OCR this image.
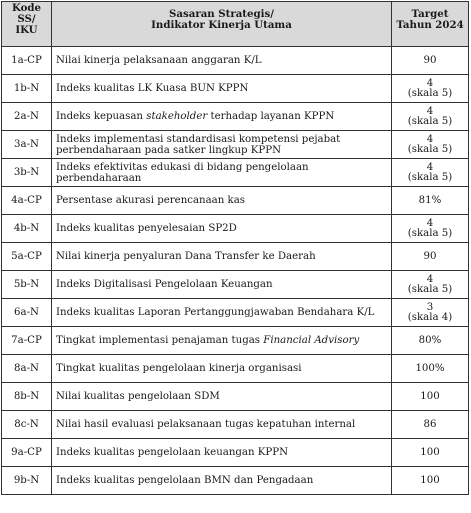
Kode
SS/
IKU	Sasaran Strategis/
Indikator Kinerja Utama	Target
Tahun 2024

1a-CP	Nilai kinerja pelaksanaan anggaran K/L	90

1b-N	Indeks kualitas LK Kuasa BUN KPPN	4
(skala 5)

2a-N	Indeks kepuasan stakeholder terhadap layanan KPPN	4
(skala 5)

3a-N	Indeks implementasi standardisasi kompetensi pejabat perbendaharaan pada satker lingkup KPPN	4
(skala 5)

3b-N	Indeks efektivitas edukasi di bidang pengelolaan perbendaharaan	4
(skala 5)

4a-CP	Persentase akurasi perencanaan kas	81%

4b-N	Indeks kualitas penyelesaian SP2D	4
(skala 5)

5a-CP	Nilai kinerja penyaluran Dana Transfer ke Daerah	90

5b-N	Indeks Digitalisasi Pengelolaan Keuangan	4
(skala 5)

6a-N	Indeks kualitas Laporan Pertanggungjawaban Bendahara K/L	3
(skala 4)

7a-CP	Tingkat implementasi penajaman tugas Financial Advisory	80%

8a-N	Tingkat kualitas pengelolaan kinerja organisasi	100%

8b-N	Nilai kualitas pengelolaan SDM	100

8c-N	Nilai hasil evaluasi pelaksanaan tugas kepatuhan internal	86

9a-CP	Indeks kualitas pengelolaan keuangan KPPN	100

9b-N	Indeks kualitas pengelolaan BMN dan Pengadaan	100
